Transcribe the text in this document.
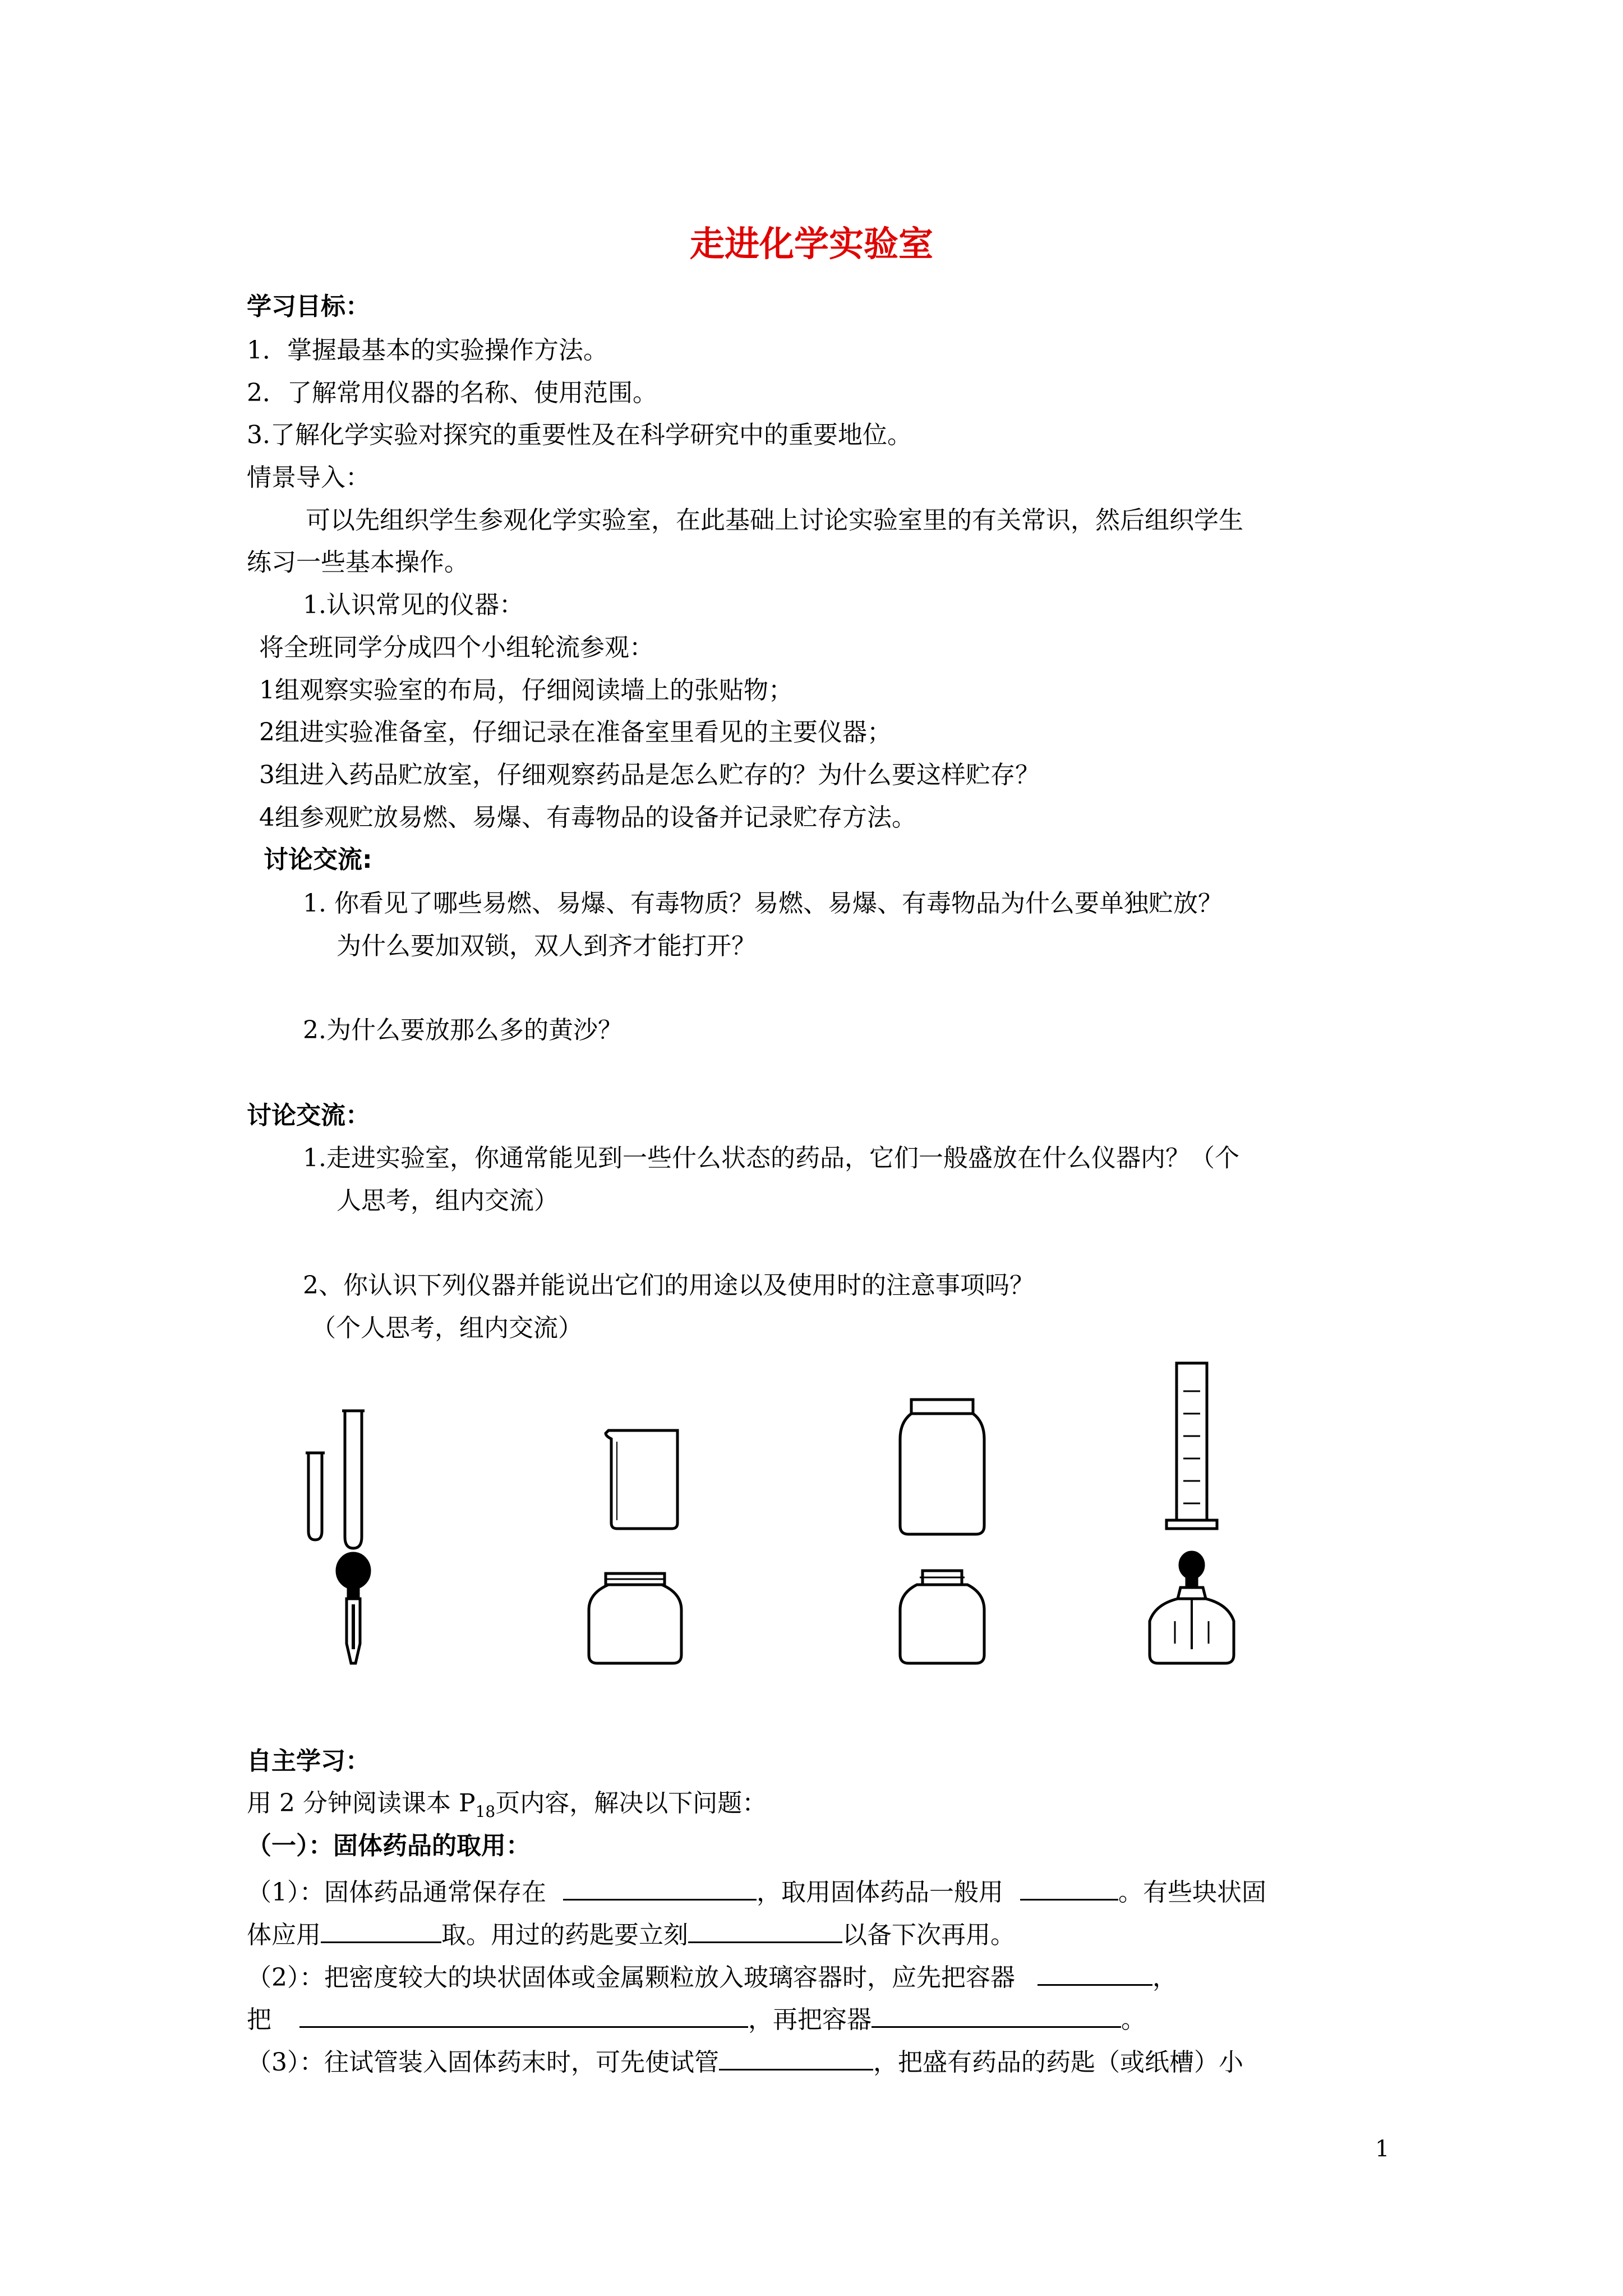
走进化学实验室
学习目标：
1．掌握最基本的实验操作方法。
2．了解常用仪器的名称、使用范围。
3.了解化学实验对探究的重要性及在科学研究中的重要地位。
情景导入：
可以先组织学生参观化学实验室，在此基础上讨论实验室里的有关常识，然后组织学生
练习一些基本操作。
1.认识常见的仪器：
将全班同学分成四个小组轮流参观：
1组观察实验室的布局，仔细阅读墙上的张贴物；
2组进实验准备室，仔细记录在准备室里看见的主要仪器；
3组进入药品贮放室，仔细观察药品是怎么贮存的？为什么要这样贮存？
4组参观贮放易燃、易爆、有毒物品的设备并记录贮存方法。
讨论交流:
1. 你看见了哪些易燃、易爆、有毒物质？易燃、易爆、有毒物品为什么要单独贮放？
为什么要加双锁，双人到齐才能打开？
2.为什么要放那么多的黄沙？
讨论交流：
1.走进实验室，你通常能见到一些什么状态的药品，它们一般盛放在什么仪器内？（个
人思考，组内交流）
2、你认识下列仪器并能说出它们的用途以及使用时的注意事项吗？
（个人思考，组内交流）
自主学习：
用 2 分钟阅读课本 $P_{18}$页内容，解决以下问题：
（一）：固体药品的取用：
（1）：固体药品通常保存在	，取用固体药品一般用	。有些块状固
体应用	取。用过的药匙要立刻	以备下次再用。
（2）：把密度较大的块状固体或金属颗粒放入玻璃容器时，应先把容器	，
把	，再把容器	。
（3）：往试管装入固体药末时，可先使试管	，把盛有药品的药匙（或纸槽）小
1
